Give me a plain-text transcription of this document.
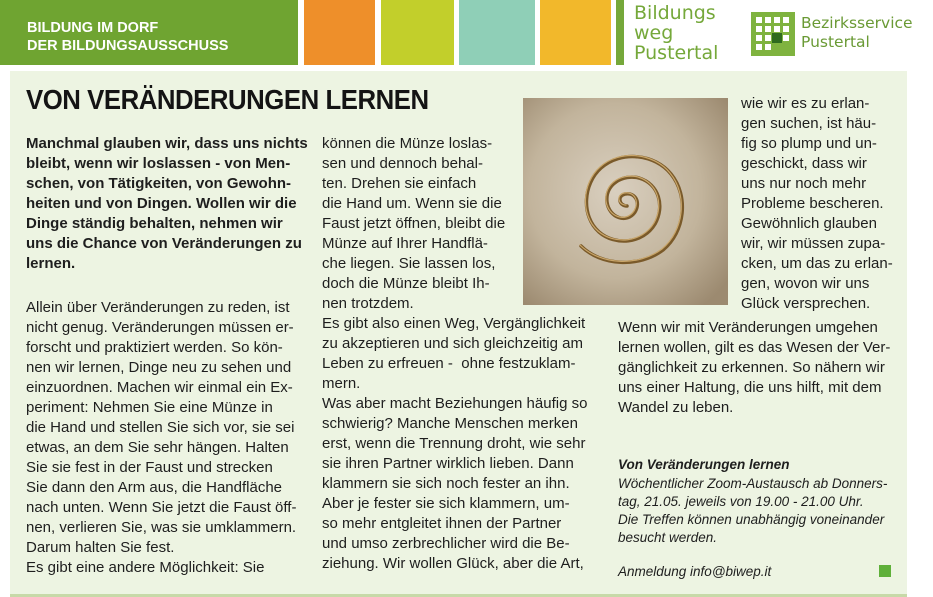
BILDUNG IM DORF
DER BILDUNGSAUSSCHUSS
Bildungs
weg
Pustertal
Bezirksservice
Pustertal
VON VERÄNDERUNGEN LERNEN

Manchmal glauben wir, dass uns nichts
bleibt, wenn wir loslassen - von Men-
schen, von Tätigkeiten, von Gewohn-
heiten und von Dingen. Wollen wir die
Dinge ständig behalten, nehmen wir
uns die Chance von Veränderungen zu
lernen.

Allein über Veränderungen zu reden, ist
nicht genug. Veränderungen müssen er-
forscht und praktiziert werden. So kön-
nen wir lernen, Dinge neu zu sehen und
einzuordnen. Machen wir einmal ein Ex-
periment: Nehmen Sie eine Münze in
die Hand und stellen Sie sich vor, sie sei
etwas, an dem Sie sehr hängen. Halten
Sie sie fest in der Faust und strecken
Sie dann den Arm aus, die Handfläche
nach unten. Wenn Sie jetzt die Faust öff-
nen, verlieren Sie, was sie umklammern.
Darum halten Sie fest.
Es gibt eine andere Möglichkeit: Sie

können die Münze loslas-
sen und dennoch behal-
ten. Drehen sie einfach
die Hand um. Wenn sie die
Faust jetzt öffnen, bleibt die
Münze auf Ihrer Handflä-
che liegen. Sie lassen los,
doch die Münze bleibt Ih-
nen trotzdem.
Es gibt also einen Weg, Vergänglichkeit
zu akzeptieren und sich gleichzeitig am
Leben zu erfreuen -  ohne festzuklam-
mern.
Was aber macht Beziehungen häufig so
schwierig? Manche Menschen merken
erst, wenn die Trennung droht, wie sehr
sie ihren Partner wirklich lieben. Dann
klammern sie sich noch fester an ihn.
Aber je fester sie sich klammern, um-
so mehr entgleitet ihnen der Partner
und umso zerbrechlicher wird die Be-
ziehung. Wir wollen Glück, aber die Art,

wie wir es zu erlan-
gen suchen, ist häu-
fig so plump und un-
geschickt, dass wir
uns nur noch mehr
Probleme bescheren.
Gewöhnlich glauben
wir, wir müssen zupa-
cken, um das zu erlan-
gen, wovon wir uns
Glück versprechen.

Wenn wir mit Veränderungen umgehen
lernen wollen, gilt es das Wesen der Ver-
gänglichkeit zu erkennen. So nähern wir
uns einer Haltung, die uns hilft, mit dem
Wandel zu leben.

Von Veränderungen lernen

Wöchentlicher Zoom-Austausch ab Donners-
tag, 21.05. jeweils von 19.00 - 21.00 Uhr.
Die Treffen können unabhängig voneinander
besucht werden.

Anmeldung info@biwep.it
